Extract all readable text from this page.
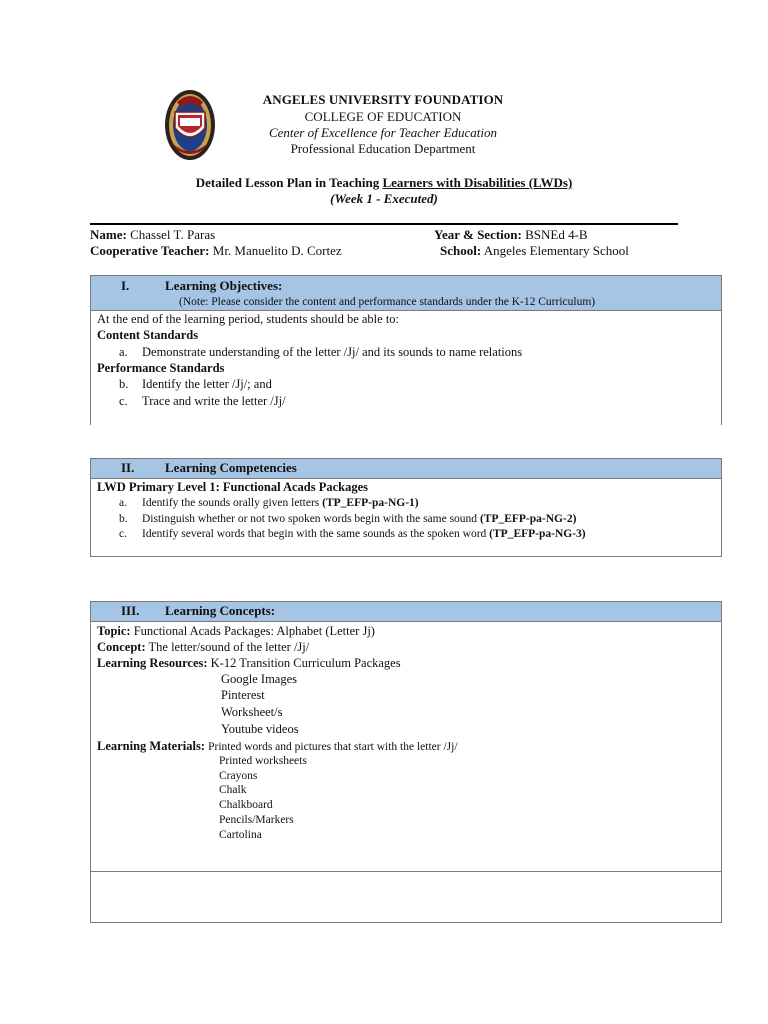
ANGELES UNIVERSITY FOUNDATION
COLLEGE OF EDUCATION
Center of Excellence for Teacher Education
Professional Education Department
Detailed Lesson Plan in Teaching Learners with Disabilities (LWDs)
(Week 1 - Executed)
Name: Chassel T. Paras	Year & Section: BSNEd 4-B
Cooperative Teacher: Mr. Manuelito D. Cortez	School: Angeles Elementary School
I.	Learning Objectives:
(Note: Please consider the content and performance standards under the K-12 Curriculum)
At the end of the learning period, students should be able to:
Content Standards
a. Demonstrate understanding of the letter /Jj/ and its sounds to name relations
Performance Standards
b. Identify the letter /Jj/; and
c. Trace and write the letter /Jj/
II. Learning Competencies
LWD Primary Level 1: Functional Acads Packages
a. Identify the sounds orally given letters (TP_EFP-pa-NG-1)
b. Distinguish whether or not two spoken words begin with the same sound (TP_EFP-pa-NG-2)
c. Identify several words that begin with the same sounds as the spoken word (TP_EFP-pa-NG-3)
III. Learning Concepts:
Topic: Functional Acads Packages: Alphabet (Letter Jj)
Concept: The letter/sound of the letter /Jj/
Learning Resources: K-12 Transition Curriculum Packages
Google Images
Pinterest
Worksheet/s
Youtube videos
Learning Materials: Printed words and pictures that start with the letter /Jj/
Printed worksheets
Crayons
Chalk
Chalkboard
Pencils/Markers
Cartolina
